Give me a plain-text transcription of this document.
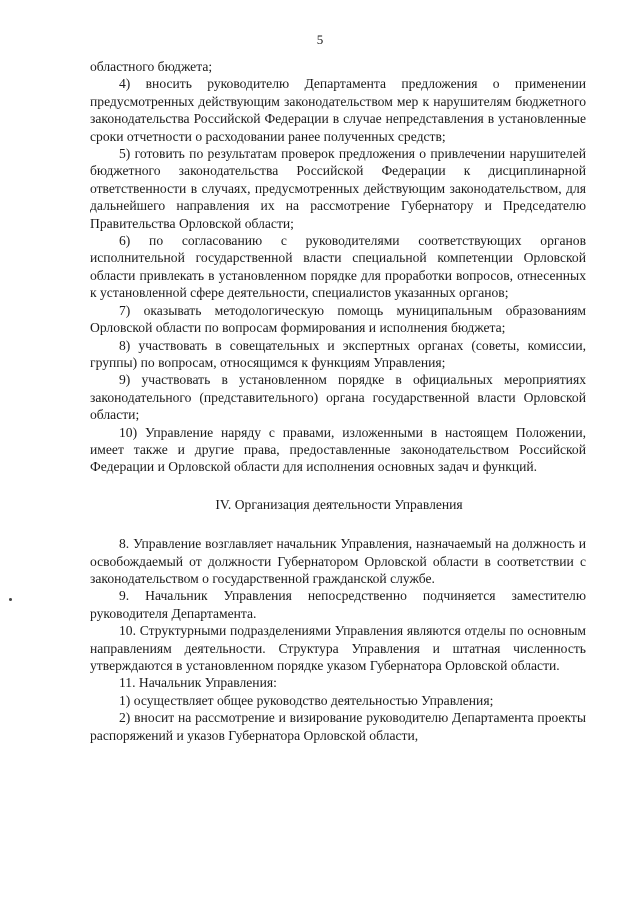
5

областного бюджета;

4) вносить руководителю Департамента предложения о применении предусмотренных действующим законодательством мер к нарушителям бюджетного законодательства Российской Федерации в случае непредставления в установленные сроки отчетности о расходовании ранее полученных средств;

5) готовить по результатам проверок предложения о привлечении нарушителей бюджетного законодательства Российской Федерации к дисциплинарной ответственности в случаях, предусмотренных действующим законодательством, для дальнейшего направления их на рассмотрение Губернатору и Председателю Правительства Орловской области;

6) по согласованию с руководителями соответствующих органов исполнительной государственной власти специальной компетенции Орловской области привлекать в установленном порядке для проработки вопросов, отнесенных к установленной сфере деятельности, специалистов указанных органов;

7) оказывать методологическую помощь муниципальным образованиям Орловской области по вопросам формирования и исполнения бюджета;

8) участвовать в совещательных и экспертных органах (советы, комиссии, группы) по вопросам, относящимся к функциям Управления;

9) участвовать в установленном порядке в официальных мероприятиях законодательного (представительного) органа государственной власти Орловской области;

10) Управление наряду с правами, изложенными в настоящем Положении, имеет также и другие права, предоставленные законодательством Российской Федерации и Орловской области для исполнения основных задач и функций.

IV. Организация деятельности Управления

8. Управление возглавляет начальник Управления, назначаемый на должность и освобождаемый от должности Губернатором Орловской области в соответствии с законодательством о государственной гражданской службе.

9. Начальник Управления непосредственно подчиняется заместителю руководителя Департамента.

10. Структурными подразделениями Управления являются отделы по основным направлениям деятельности. Структура Управления и штатная численность утверждаются в установленном порядке указом Губернатора Орловской области.

11. Начальник Управления:

1) осуществляет общее руководство деятельностью Управления;

2) вносит на рассмотрение и визирование руководителю Департамента проекты распоряжений и указов Губернатора Орловской области,
